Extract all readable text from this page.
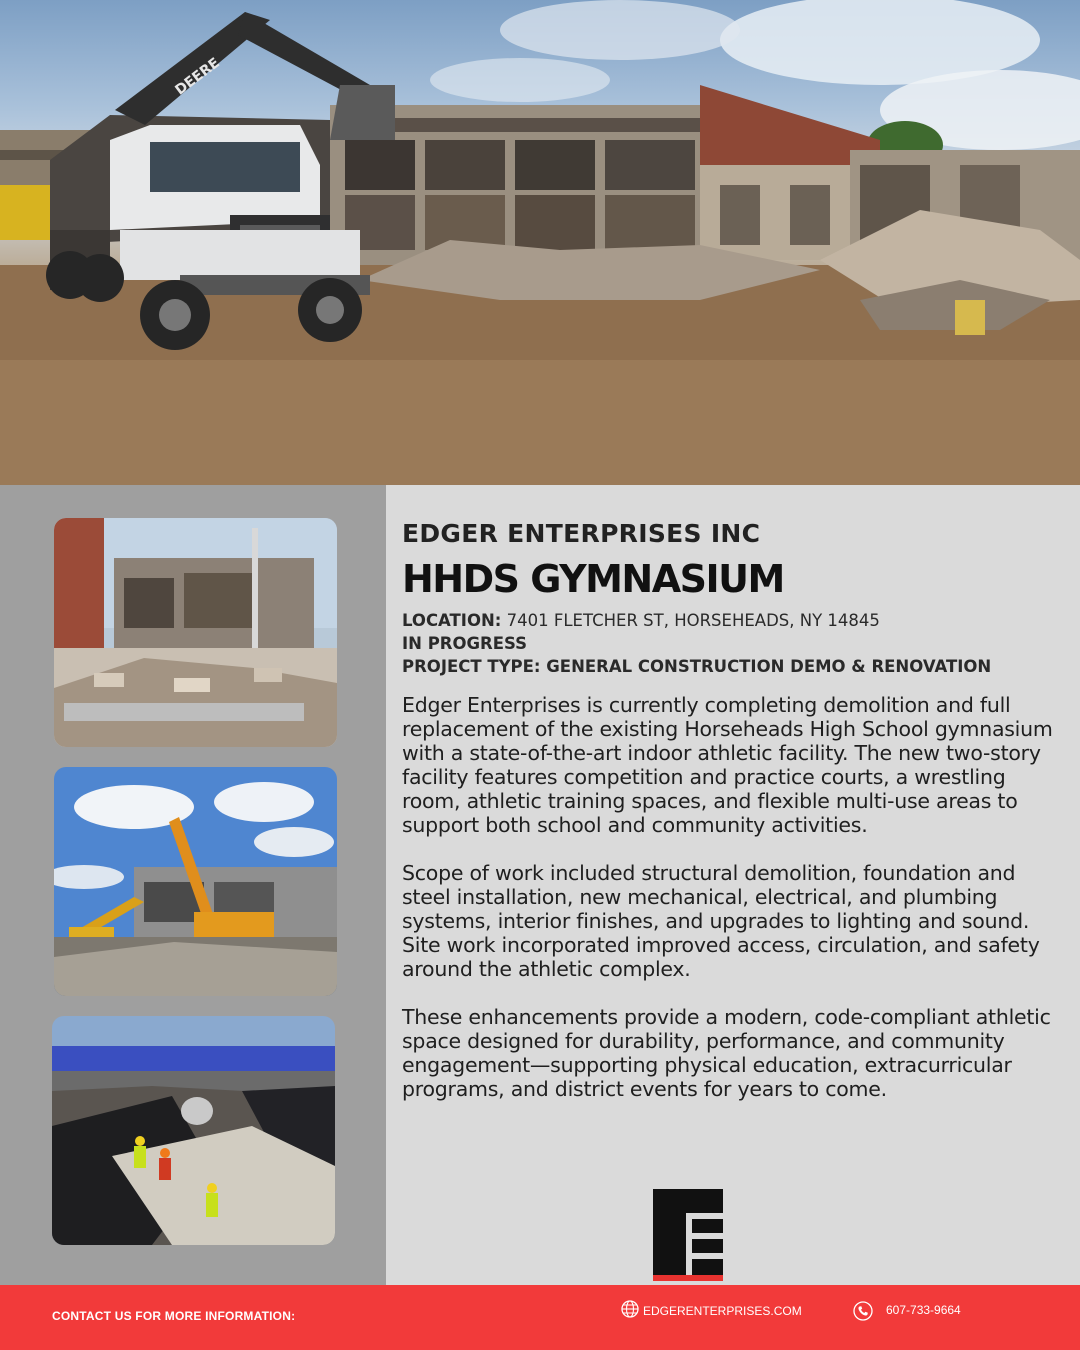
DEERE
EDGER ENTERPRISES INC
HHDS GYMNASIUM
LOCATION: 7401 FLETCHER ST, HORSEHEADS, NY 14845
IN PROGRESS
PROJECT TYPE: GENERAL CONSTRUCTION DEMO & RENOVATION

Edger Enterprises is currently completing demolition and full replacement of the existing Horseheads High School gymnasium with a state-of-the-art indoor athletic facility. The new two-story facility features competition and practice courts, a wrestling room, athletic training spaces, and flexible multi-use areas to support both school and community activities.

Scope of work included structural demolition, foundation and steel installation, new mechanical, electrical, and plumbing systems, interior finishes, and upgrades to lighting and sound. Site work incorporated improved access, circulation, and safety around the athletic complex.

These enhancements provide a modern, code-compliant athletic space designed for durability, performance, and community engagement—supporting physical education, extracurricular programs, and district events for years to come.

CONTACT US FOR MORE INFORMATION:	EDGERENTERPRISES.COM	607-733-9664
